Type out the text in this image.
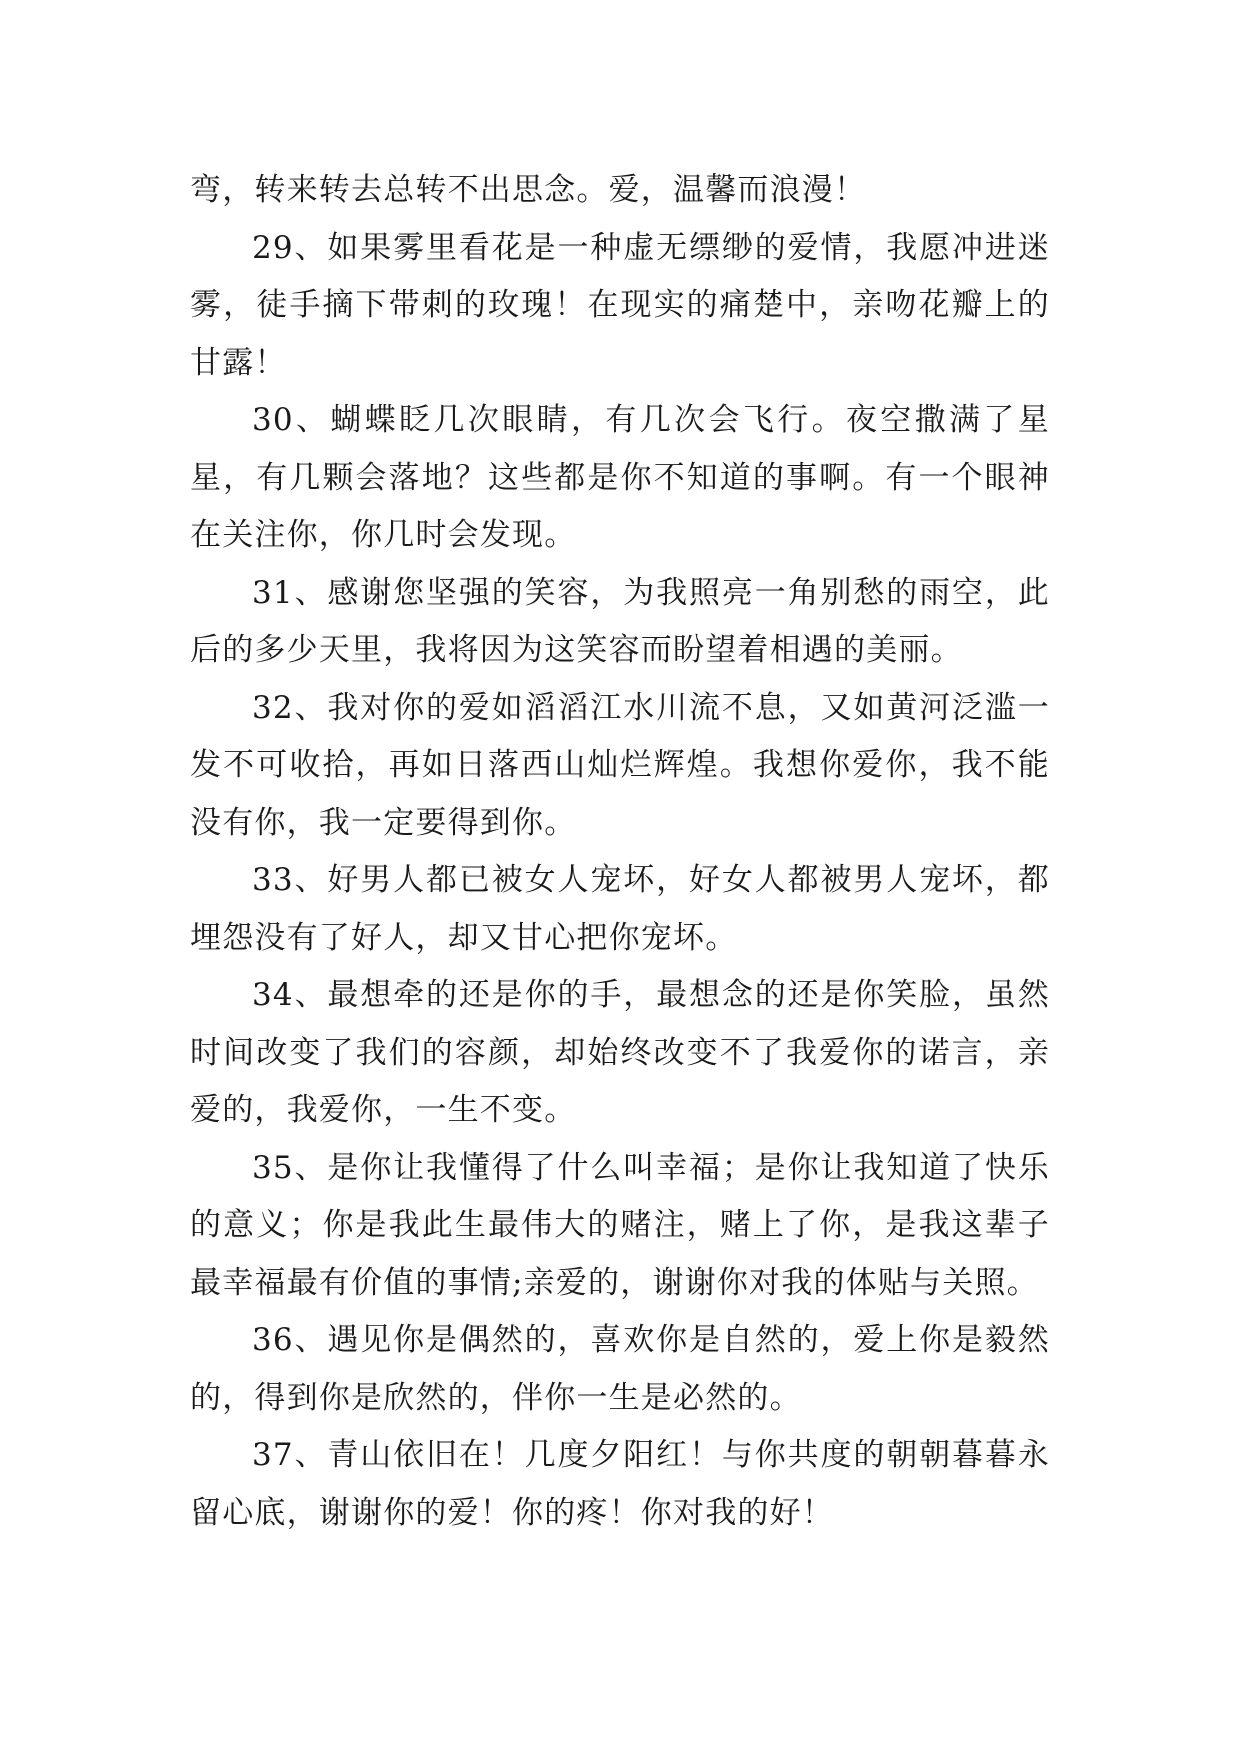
弯，转来转去总转不出思念。爱，温馨而浪漫！

29、如果雾里看花是一种虚无缥缈的爱情，我愿冲进迷雾，徒手摘下带刺的玫瑰！在现实的痛楚中，亲吻花瓣上的甘露！

30、蝴蝶眨几次眼睛，有几次会飞行。夜空撒满了星星，有几颗会落地？这些都是你不知道的事啊。有一个眼神在关注你，你几时会发现。

31、感谢您坚强的笑容，为我照亮一角别愁的雨空，此后的多少天里，我将因为这笑容而盼望着相遇的美丽。

32、我对你的爱如滔滔江水川流不息，又如黄河泛滥一发不可收拾，再如日落西山灿烂辉煌。我想你爱你，我不能没有你，我一定要得到你。

33、好男人都已被女人宠坏，好女人都被男人宠坏，都埋怨没有了好人，却又甘心把你宠坏。

34、最想牵的还是你的手，最想念的还是你笑脸，虽然时间改变了我们的容颜，却始终改变不了我爱你的诺言，亲爱的，我爱你，一生不变。

35、是你让我懂得了什么叫幸福；是你让我知道了快乐的意义；你是我此生最伟大的赌注，赌上了你，是我这辈子最幸福最有价值的事情;亲爱的，谢谢你对我的体贴与关照。

36、遇见你是偶然的，喜欢你是自然的，爱上你是毅然的，得到你是欣然的，伴你一生是必然的。

37、青山依旧在！几度夕阳红！与你共度的朝朝暮暮永留心底，谢谢你的爱！你的疼！你对我的好！
